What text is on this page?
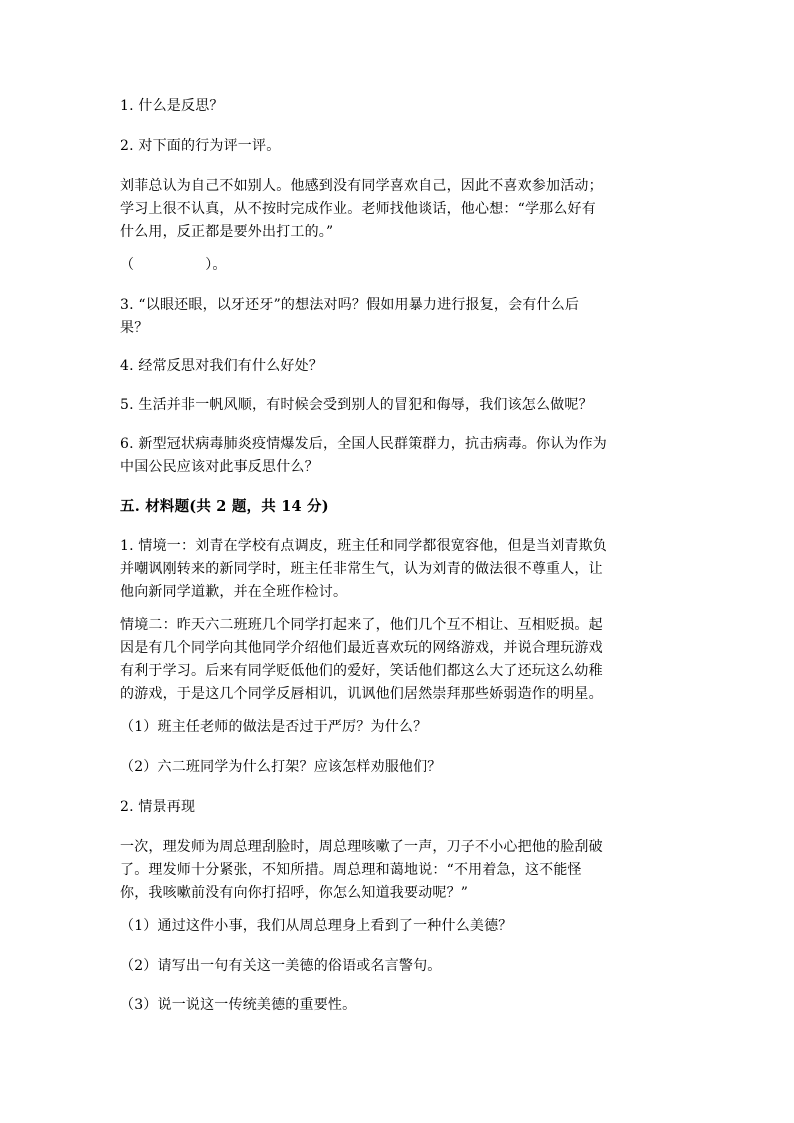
1. 什么是反思？
2. 对下面的行为评一评。
刘菲总认为自己不如别人。他感到没有同学喜欢自己，因此不喜欢参加活动；
学习上很不认真，从不按时完成作业。老师找他谈话，他心想：“学那么好有
什么用，反正都是要外出打工的。”
（　　　　　）。
3. “以眼还眼，以牙还牙”的想法对吗？假如用暴力进行报复，会有什么后
果？
4. 经常反思对我们有什么好处？
5. 生活并非一帆风顺，有时候会受到别人的冒犯和侮辱，我们该怎么做呢？
6. 新型冠状病毒肺炎疫情爆发后，全国人民群策群力，抗击病毒。你认为作为
中国公民应该对此事反思什么？
五. 材料题(共 2 题，共 14 分)
1. 情境一：刘青在学校有点调皮，班主任和同学都很宽容他，但是当刘青欺负
并嘲讽刚转来的新同学时，班主任非常生气，认为刘青的做法很不尊重人，让
他向新同学道歉，并在全班作检讨。
情境二：昨天六二班班几个同学打起来了，他们几个互不相让、互相贬损。起
因是有几个同学向其他同学介绍他们最近喜欢玩的网络游戏，并说合理玩游戏
有利于学习。后来有同学贬低他们的爱好，笑话他们都这么大了还玩这么幼稚
的游戏，于是这几个同学反唇相讥，讥讽他们居然崇拜那些娇弱造作的明星。
（1）班主任老师的做法是否过于严厉？为什么？
（2）六二班同学为什么打架？应该怎样劝服他们？
2. 情景再现
一次，理发师为周总理刮脸时，周总理咳嗽了一声，刀子不小心把他的脸刮破
了。理发师十分紧张，不知所措。周总理和蔼地说：“不用着急，这不能怪
你，我咳嗽前没有向你打招呼，你怎么知道我要动呢？”
（1）通过这件小事，我们从周总理身上看到了一种什么美德？
（2）请写出一句有关这一美德的俗语或名言警句。
（3）说一说这一传统美德的重要性。
